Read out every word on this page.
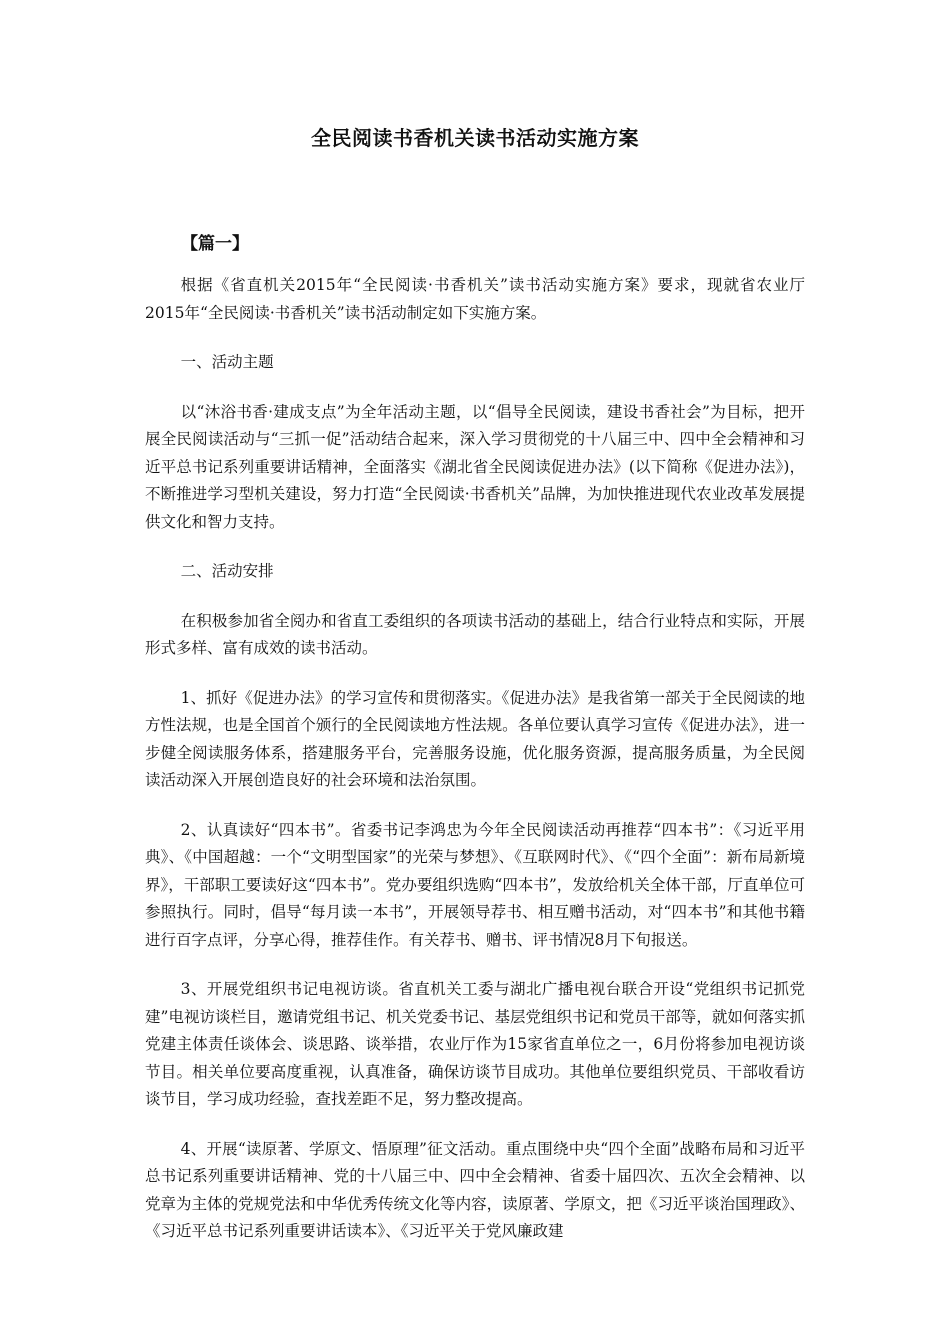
全民阅读书香机关读书活动实施方案
【篇一】

根据《省直机关2015年“全民阅读·书香机关”读书活动实施方案》要求，现就省农业厅2015年“全民阅读·书香机关”读书活动制定如下实施方案。

一、活动主题

以“沐浴书香·建成支点”为全年活动主题，以“倡导全民阅读，建设书香社会”为目标，把开展全民阅读活动与“三抓一促”活动结合起来，深入学习贯彻党的十八届三中、四中全会精神和习近平总书记系列重要讲话精神，全面落实《湖北省全民阅读促进办法》(以下简称《促进办法》)，不断推进学习型机关建设，努力打造“全民阅读·书香机关”品牌，为加快推进现代农业改革发展提供文化和智力支持。

二、活动安排

在积极参加省全阅办和省直工委组织的各项读书活动的基础上，结合行业特点和实际，开展形式多样、富有成效的读书活动。

1、抓好《促进办法》的学习宣传和贯彻落实。《促进办法》是我省第一部关于全民阅读的地方性法规，也是全国首个颁行的全民阅读地方性法规。各单位要认真学习宣传《促进办法》，进一步健全阅读服务体系，搭建服务平台，完善服务设施，优化服务资源，提高服务质量，为全民阅读活动深入开展创造良好的社会环境和法治氛围。

2、认真读好“四本书”。省委书记李鸿忠为今年全民阅读活动再推荐“四本书”：《习近平用典》、《中国超越：一个“文明型国家”的光荣与梦想》、《互联网时代》、《“四个全面”：新布局新境界》，干部职工要读好这“四本书”。党办要组织选购“四本书”，发放给机关全体干部，厅直单位可参照执行。同时，倡导“每月读一本书”，开展领导荐书、相互赠书活动，对“四本书”和其他书籍进行百字点评，分享心得，推荐佳作。有关荐书、赠书、评书情况8月下旬报送。

3、开展党组织书记电视访谈。省直机关工委与湖北广播电视台联合开设“党组织书记抓党建”电视访谈栏目，邀请党组书记、机关党委书记、基层党组织书记和党员干部等，就如何落实抓党建主体责任谈体会、谈思路、谈举措，农业厅作为15家省直单位之一，6月份将参加电视访谈节目。相关单位要高度重视，认真准备，确保访谈节目成功。其他单位要组织党员、干部收看访谈节目，学习成功经验，查找差距不足，努力整改提高。

4、开展“读原著、学原文、悟原理”征文活动。重点围绕中央“四个全面”战略布局和习近平总书记系列重要讲话精神、党的十八届三中、四中全会精神、省委十届四次、五次全会精神、以党章为主体的党规党法和中华优秀传统文化等内容，读原著、学原文，把《习近平谈治国理政》、《习近平总书记系列重要讲话读本》、《习近平关于党风廉政建
